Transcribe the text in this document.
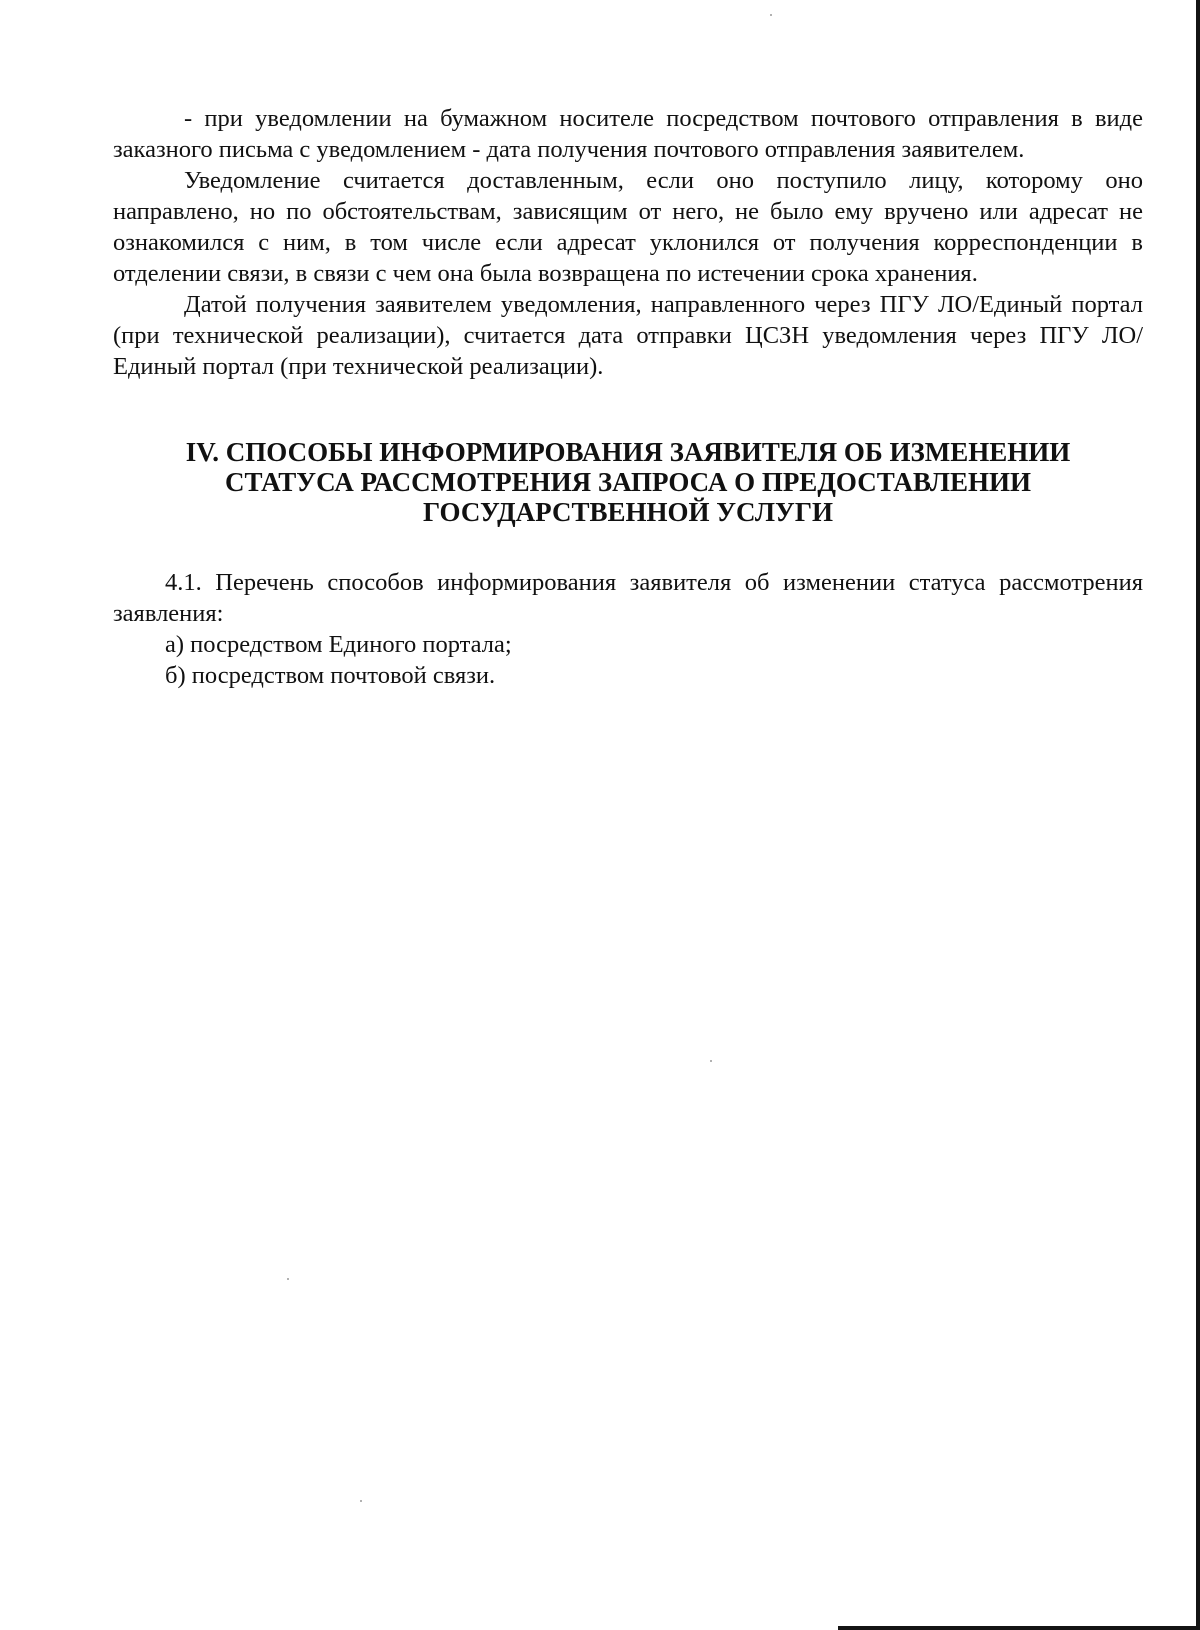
- при уведомлении на бумажном носителе посредством почтового отправления в виде заказного письма с уведомлением - дата получения почтового отправления заявителем.

Уведомление считается доставленным, если оно поступило лицу, которому оно направлено, но по обстоятельствам, зависящим от него, не было ему вручено или адресат не ознакомился с ним, в том числе если адресат уклонился от получения корреспонденции в отделении связи, в связи с чем она была возвращена по истечении срока хранения.

Датой получения заявителем уведомления, направленного через ПГУ ЛО/Единый портал (при технической реализации), считается дата отправки ЦСЗН уведомления через ПГУ ЛО/Единый портал (при технической реализации).

IV. СПОСОБЫ ИНФОРМИРОВАНИЯ ЗАЯВИТЕЛЯ ОБ ИЗМЕНЕНИИ
СТАТУСА РАССМОТРЕНИЯ ЗАПРОСА О ПРЕДОСТАВЛЕНИИ
ГОСУДАРСТВЕННОЙ УСЛУГИ

4.1. Перечень способов информирования заявителя об изменении статуса рассмотрения заявления:

а) посредством Единого портала;

б) посредством почтовой связи.
